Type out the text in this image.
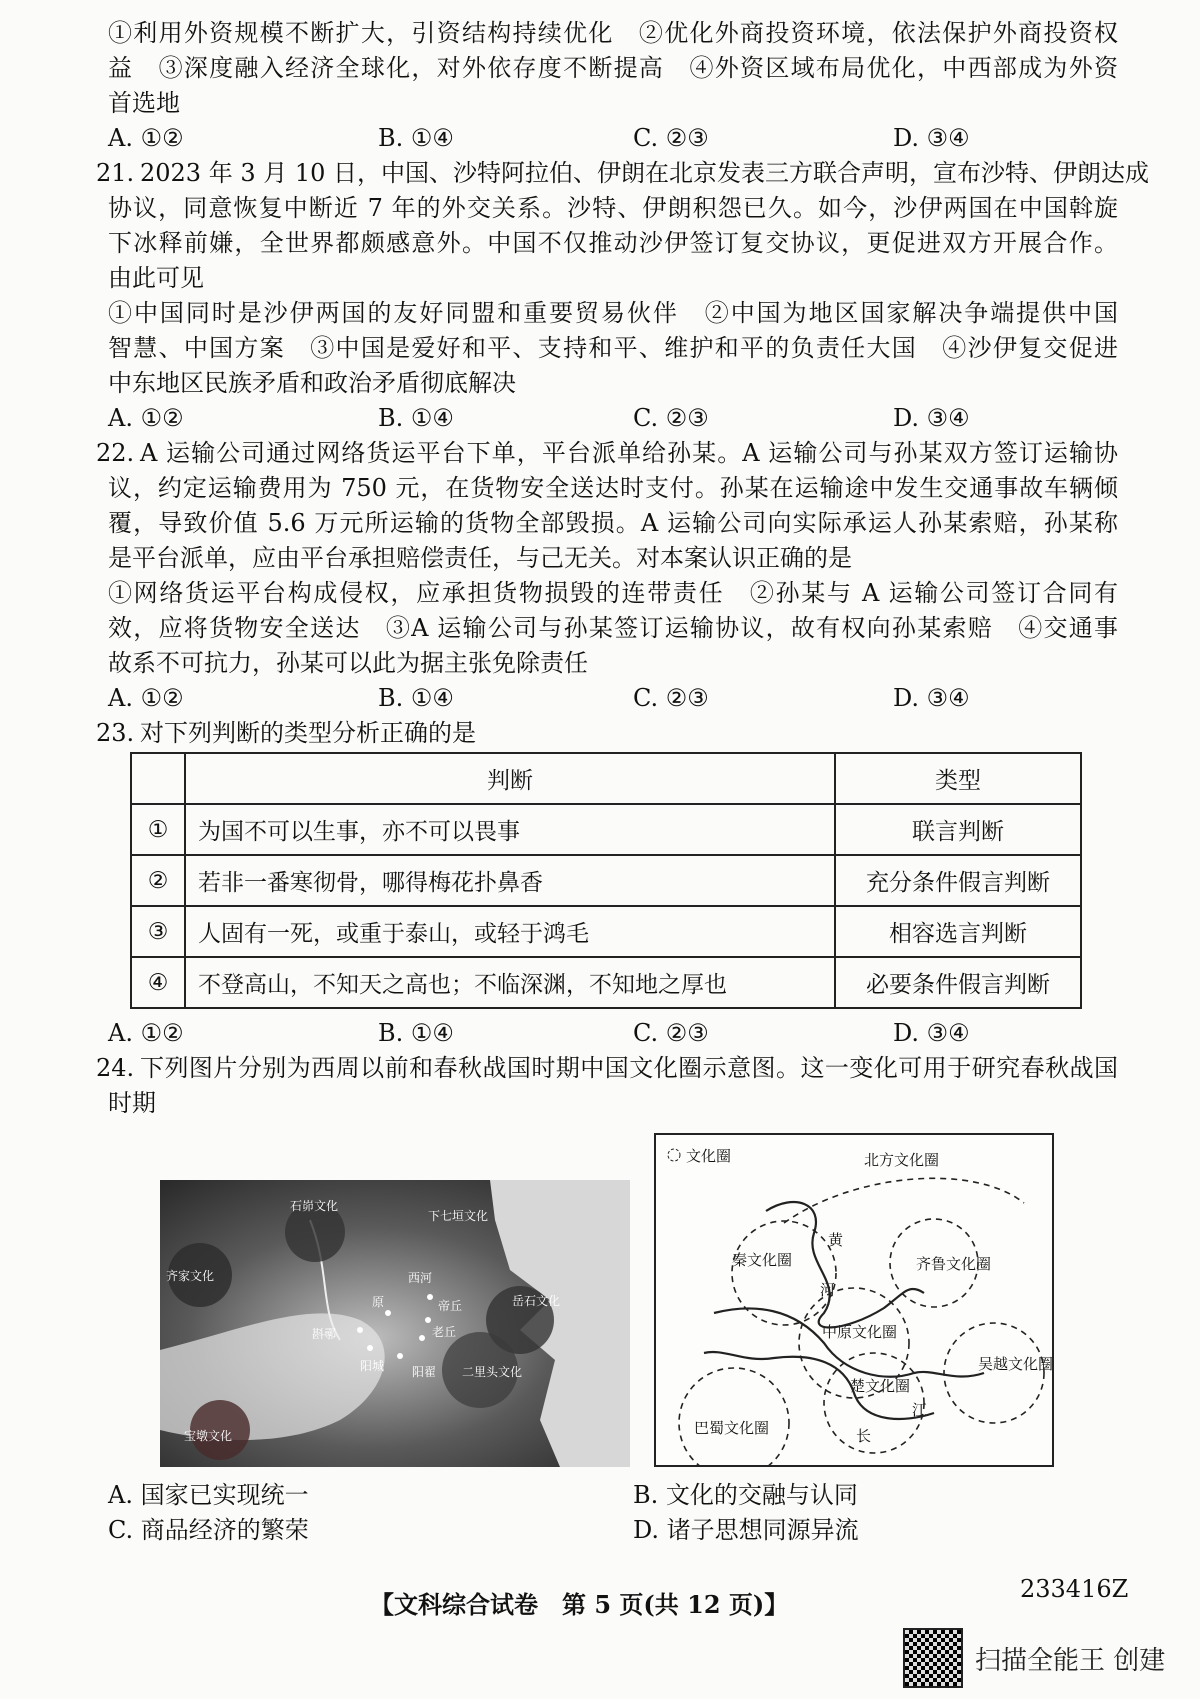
①利用外资规模不断扩大，引资结构持续优化　②优化外商投资环境，依法保护外商投资权
益　③深度融入经济全球化，对外依存度不断提高　④外资区域布局优化，中西部成为外资
首选地
A. ①②	B. ①④	C. ②③	D. ③④
21. 2023 年 3 月 10 日，中国、沙特阿拉伯、伊朗在北京发表三方联合声明，宣布沙特、伊朗达成
协议，同意恢复中断近 7 年的外交关系。沙特、伊朗积怨已久。如今，沙伊两国在中国斡旋
下冰释前嫌，全世界都颇感意外。中国不仅推动沙伊签订复交协议，更促进双方开展合作。
由此可见
①中国同时是沙伊两国的友好同盟和重要贸易伙伴　②中国为地区国家解决争端提供中国
智慧、中国方案　③中国是爱好和平、支持和平、维护和平的负责任大国　④沙伊复交促进
中东地区民族矛盾和政治矛盾彻底解决
A. ①②	B. ①④	C. ②③	D. ③④
22. A 运输公司通过网络货运平台下单，平台派单给孙某。A 运输公司与孙某双方签订运输协
议，约定运输费用为 750 元，在货物安全送达时支付。孙某在运输途中发生交通事故车辆倾
覆，导致价值 5.6 万元所运输的货物全部毁损。A 运输公司向实际承运人孙某索赔，孙某称
是平台派单，应由平台承担赔偿责任，与己无关。对本案认识正确的是
①网络货运平台构成侵权，应承担货物损毁的连带责任　②孙某与 A 运输公司签订合同有
效，应将货物安全送达　③A 运输公司与孙某签订运输协议，故有权向孙某索赔　④交通事
故系不可抗力，孙某可以此为据主张免除责任
A. ①②	B. ①④	C. ②③	D. ③④
23. 对下列判断的类型分析正确的是
	判断	类型
①	为国不可以生事，亦不可以畏事	联言判断
②	若非一番寒彻骨，哪得梅花扑鼻香	充分条件假言判断
③	人固有一死，或重于泰山，或轻于鸿毛	相容选言判断
④	不登高山，不知天之高也；不临深渊，不知地之厚也	必要条件假言判断
A. ①②	B. ①④	C. ②③	D. ③④
24. 下列图片分别为西周以前和春秋战国时期中国文化圈示意图。这一变化可用于研究春秋战国
时期
石峁文化
下七垣文化
齐家文化	西河
原	帝丘	岳石文化
老丘
斟鄩
阳城 阳翟 二里头文化
宝墩文化
文化圈	北方文化圈
秦文化圈
黄
河
齐鲁文化圈
中原文化圈
楚文化圈
江
长
巴蜀文化圈
吴越文化圈
A. 国家已实现统一	B. 文化的交融与认同
C. 商品经济的繁荣	D. 诸子思想同源异流
【文科综合试卷　第 5 页(共 12 页)】
233416Z
扫描全能王 创建
